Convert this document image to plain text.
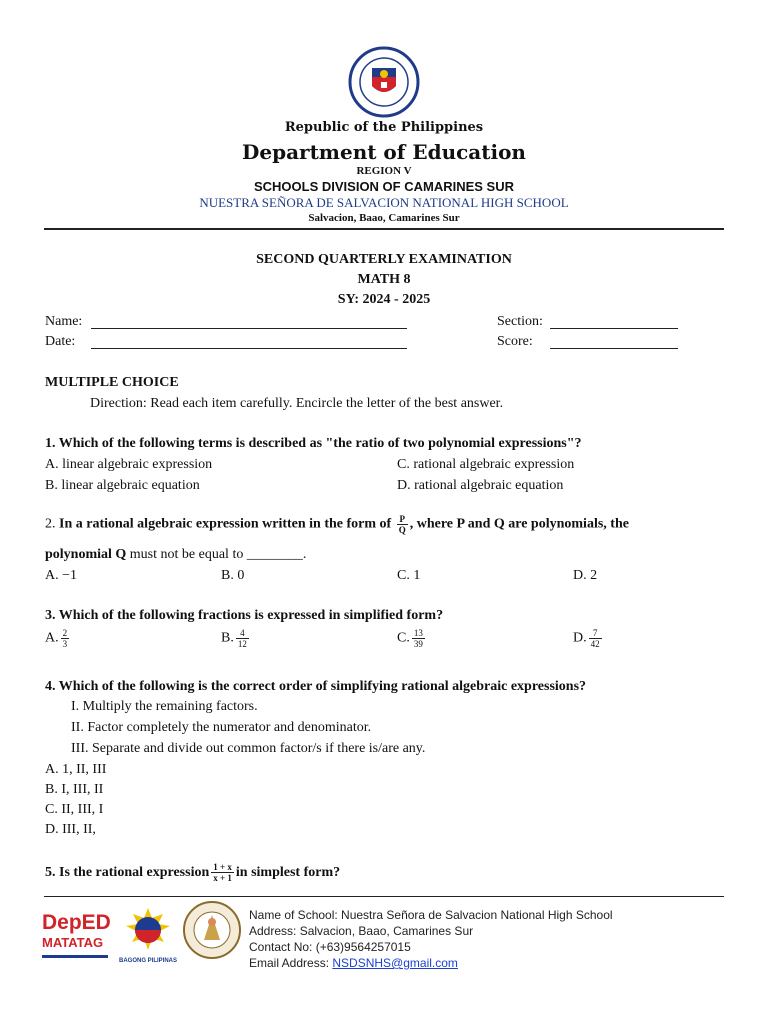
Republic of the Philippines
Department of Education
REGION V
SCHOOLS DIVISION OF CAMARINES SUR
NUESTRA SEÑORA DE SALVACION NATIONAL HIGH SCHOOL
Salvacion, Baao, Camarines Sur
SECOND QUARTERLY EXAMINATION
MATH 8
SY: 2024 - 2025
Name:
Date:
Section:
Score:
MULTIPLE CHOICE
Direction: Read each item carefully. Encircle the letter of the best answer.
1. Which of the following terms is described as "the ratio of two polynomial expressions"?
A. linear algebraic expression
B. linear algebraic equation
C. rational algebraic expression
D. rational algebraic equation
2. In a rational algebraic expression written in the form of $\frac{P}{Q}$ , where P and Q are polynomials, the
polynomial Q must not be equal to ________.
A. −1	B. 0	C. 1	D. 2
3. Which of the following fractions is expressed in simplified form?
A. $\frac{2}{3}$	B. $\frac{4}{12}$	C. $\frac{13}{39}$	D. $\frac{7}{42}$
4. Which of the following is the correct order of simplifying rational algebraic expressions?
I. Multiply the remaining factors.
II. Factor completely the numerator and denominator.
III. Separate and divide out common factor/s if there is/are any.
A. 1, II, III
B. I, III, II
C. II, III, I
D. III, II,
5. Is the rational expression $\frac{1 + x}{x + 1}$ in simplest form?
DepED
MATATAG
BAGONG PILIPINAS
Name of School: Nuestra Señora de Salvacion National High School
Address: Salvacion, Baao, Camarines Sur
Contact No: (+63)9564257015
Email Address: NSDSNHS@gmail.com
